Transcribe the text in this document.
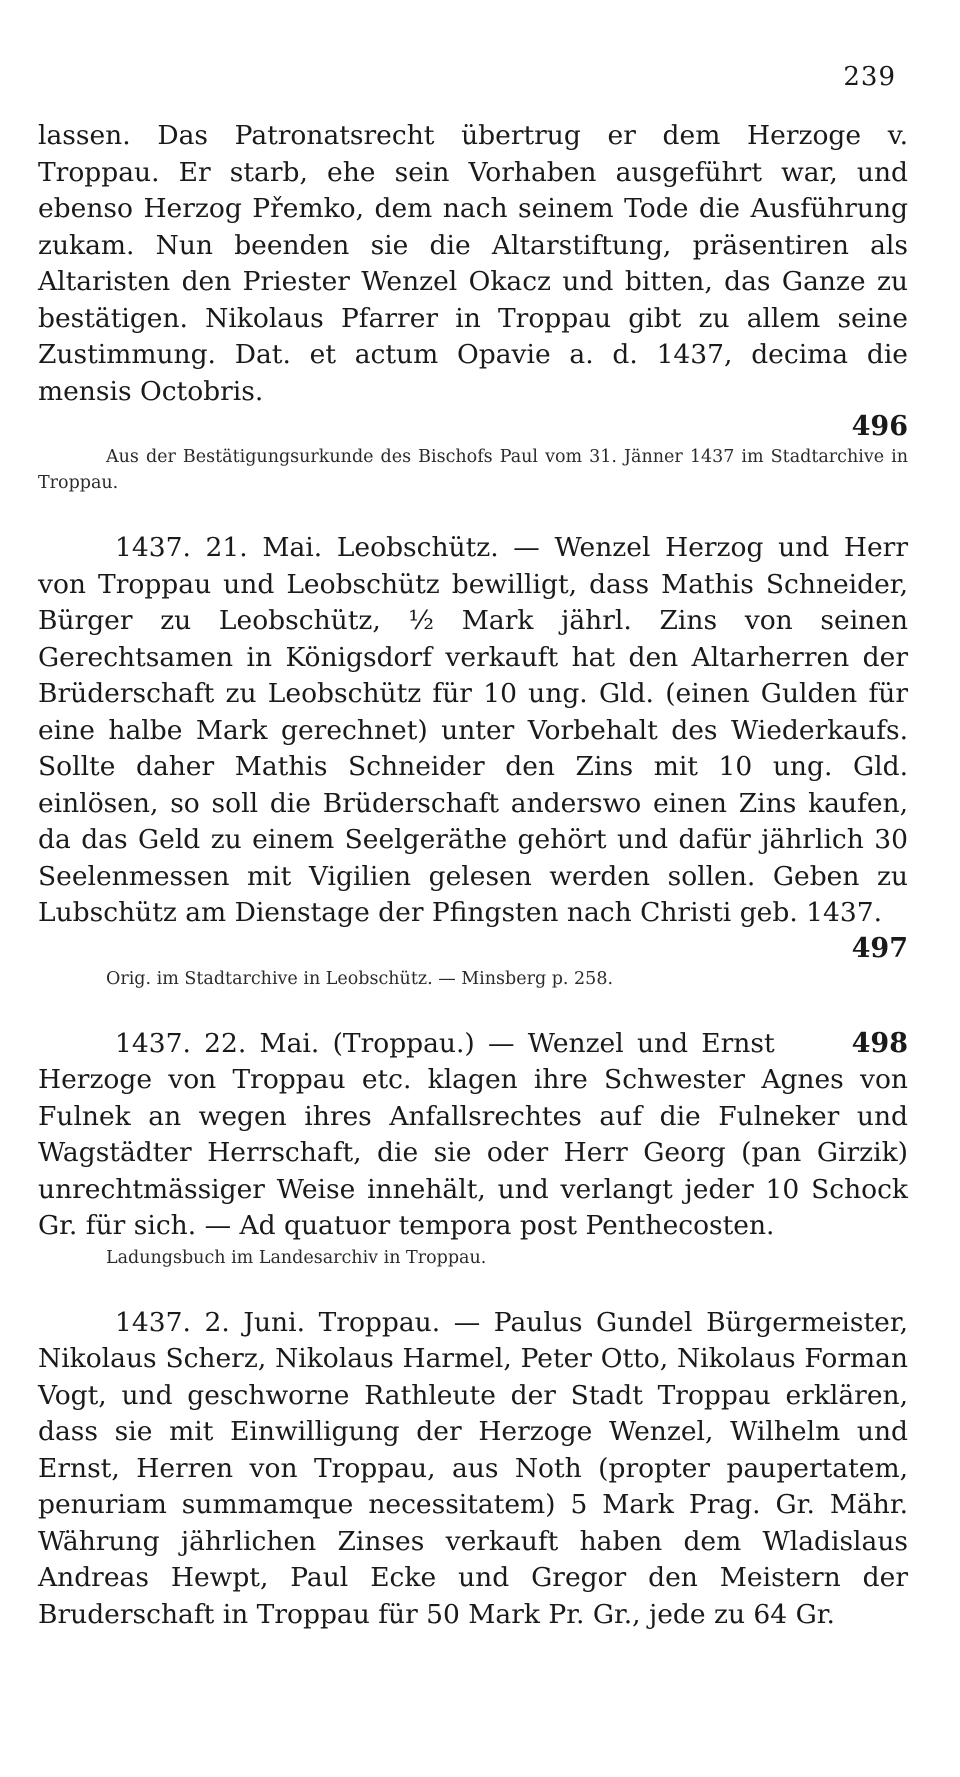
239

lassen. Das Patronatsrecht übertrug er dem Herzoge v. Troppau. Er starb, ehe sein Vorhaben ausgeführt war, und ebenso Herzog Přemko, dem nach seinem Tode die Ausführung zukam. Nun beenden sie die Altarstiftung, präsentiren als Altaristen den Priester Wenzel Okacz und bitten, das Ganze zu bestätigen. Nikolaus Pfarrer in Troppau gibt zu allem seine Zustimmung. Dat. et actum Opavie a. d. 1437, decima die mensis Octobris.

496

Aus der Bestätigungsurkunde des Bischofs Paul vom 31. Jänner 1437 im Stadtarchive in Troppau.

1437. 21. Mai. Leobschütz. — Wenzel Herzog und Herr von Troppau und Leobschütz bewilligt, dass Mathis Schneider, Bürger zu Leobschütz, ½ Mark jährl. Zins von seinen Gerechtsamen in Königsdorf verkauft hat den Altarherren der Brüderschaft zu Leobschütz für 10 ung. Gld. (einen Gulden für eine halbe Mark gerechnet) unter Vorbehalt des Wiederkaufs. Sollte daher Mathis Schneider den Zins mit 10 ung. Gld. einlösen, so soll die Brüderschaft anderswo einen Zins kaufen, da das Geld zu einem Seelgeräthe gehört und dafür jährlich 30 Seelenmessen mit Vigilien gelesen werden sollen. Geben zu Lubschütz am Dienstage der Pfingsten nach Christi geb. 1437.

497

Orig. im Stadtarchive in Leobschütz. — Minsberg p. 258.

498
1437. 22. Mai. (Troppau.) — Wenzel und Ernst Herzoge von Troppau etc. klagen ihre Schwester Agnes von Fulnek an wegen ihres Anfallsrechtes auf die Fulneker und Wagstädter Herrschaft, die sie oder Herr Georg (pan Girzik) unrechtmässiger Weise innehält, und verlangt jeder 10 Schock Gr. für sich. — Ad quatuor tempora post Penthecosten.

Ladungsbuch im Landesarchiv in Troppau.

1437. 2. Juni. Troppau. — Paulus Gundel Bürgermeister, Nikolaus Scherz, Nikolaus Harmel, Peter Otto, Nikolaus Forman Vogt, und geschworne Rathleute der Stadt Troppau erklären, dass sie mit Einwilligung der Herzoge Wenzel, Wilhelm und Ernst, Herren von Troppau, aus Noth (propter paupertatem, penuriam summamque necessitatem) 5 Mark Prag. Gr. Mähr. Währung jährlichen Zinses verkauft haben dem Wladislaus Andreas Hewpt, Paul Ecke und Gregor den Meistern der Bruderschaft in Troppau für 50 Mark Pr. Gr., jede zu 64 Gr.
